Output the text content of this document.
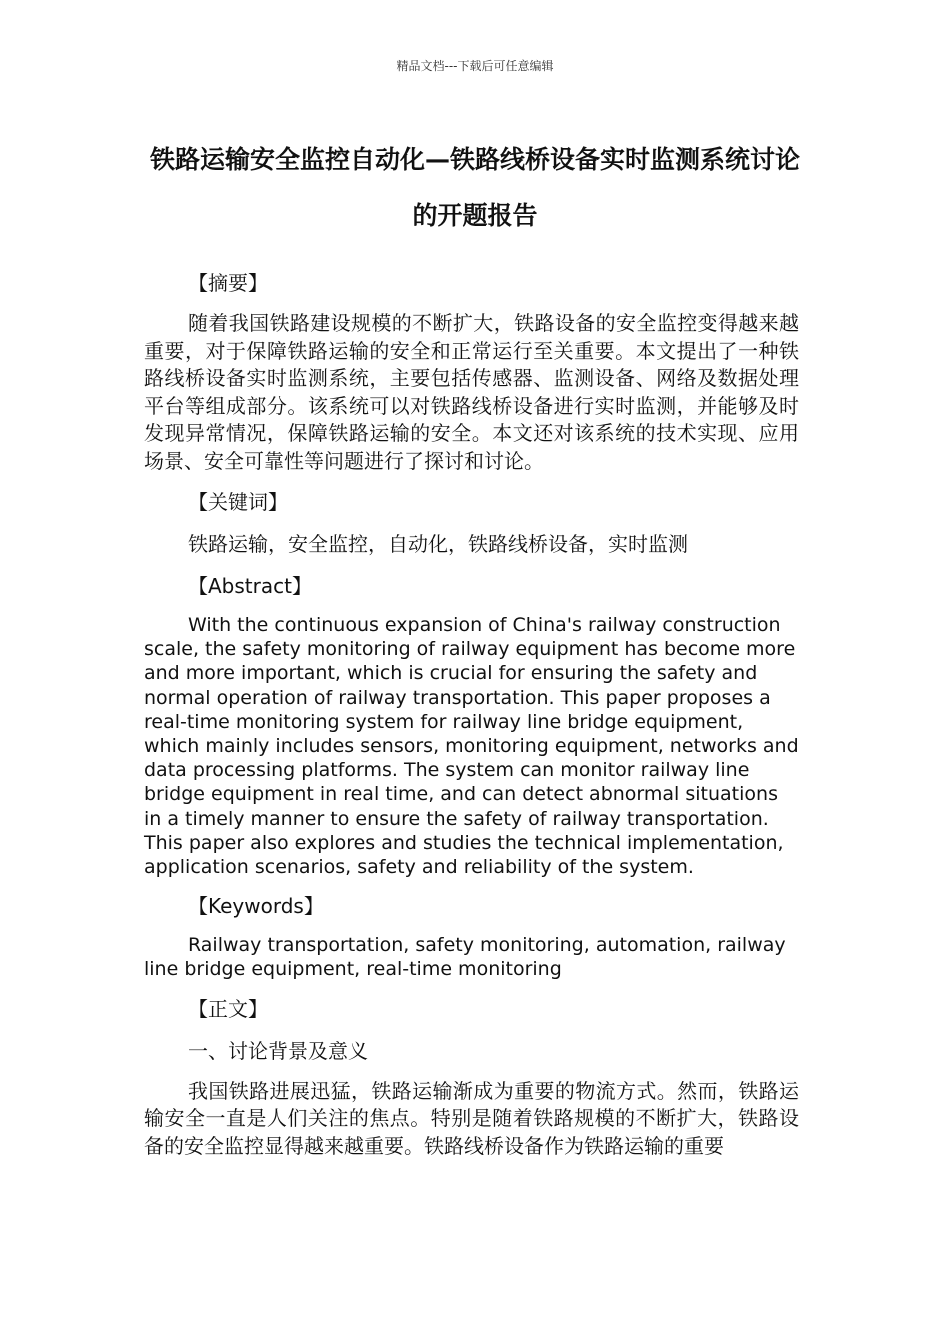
精品文档---下载后可任意编辑
铁路运输安全监控自动化—铁路线桥设备实时监测系统讨论的开题报告

【摘要】

随着我国铁路建设规模的不断扩大，铁路设备的安全监控变得越来越重要，对于保障铁路运输的安全和正常运行至关重要。本文提出了一种铁路线桥设备实时监测系统，主要包括传感器、监测设备、网络及数据处理平台等组成部分。该系统可以对铁路线桥设备进行实时监测，并能够及时发现异常情况，保障铁路运输的安全。本文还对该系统的技术实现、应用场景、安全可靠性等问题进行了探讨和讨论。

【关键词】

铁路运输，安全监控，自动化，铁路线桥设备，实时监测

【Abstract】

With the continuous expansion of China's railway construction scale, the safety monitoring of railway equipment has become more and more important, which is crucial for ensuring the safety and normal operation of railway transportation. This paper proposes a real-time monitoring system for railway line bridge equipment, which mainly includes sensors, monitoring equipment, networks and data processing platforms. The system can monitor railway line bridge equipment in real time, and can detect abnormal situations in a timely manner to ensure the safety of railway transportation. This paper also explores and studies the technical implementation, application scenarios, safety and reliability of the system.

【Keywords】

Railway transportation, safety monitoring, automation, railway line bridge equipment, real-time monitoring

【正文】

一、讨论背景及意义

我国铁路进展迅猛，铁路运输渐成为重要的物流方式。然而，铁路运输安全一直是人们关注的焦点。特别是随着铁路规模的不断扩大，铁路设备的安全监控显得越来越重要。铁路线桥设备作为铁路运输的重要
